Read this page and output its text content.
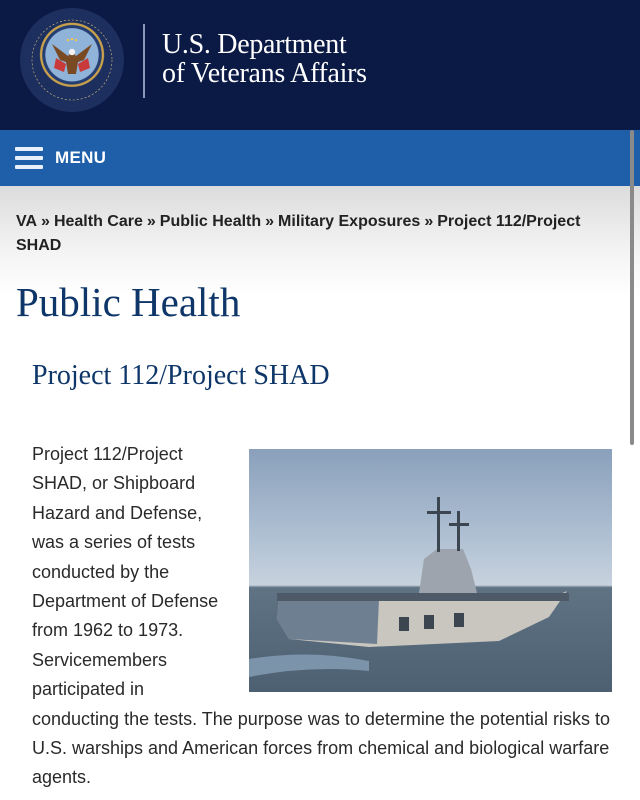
U.S. Department
of Veterans Affairs
MENU
VA » Health Care » Public Health » Military Exposures » Project 112/Project SHAD
Public Health
Project 112/Project SHAD
Project 112/Project SHAD, or Shipboard Hazard and Defense, was a series of tests conducted by the Department of Defense from 1962 to 1973. Servicemembers participated in conducting the tests. The purpose was to determine the potential risks to U.S. warships and American forces from chemical and biological warfare agents.
